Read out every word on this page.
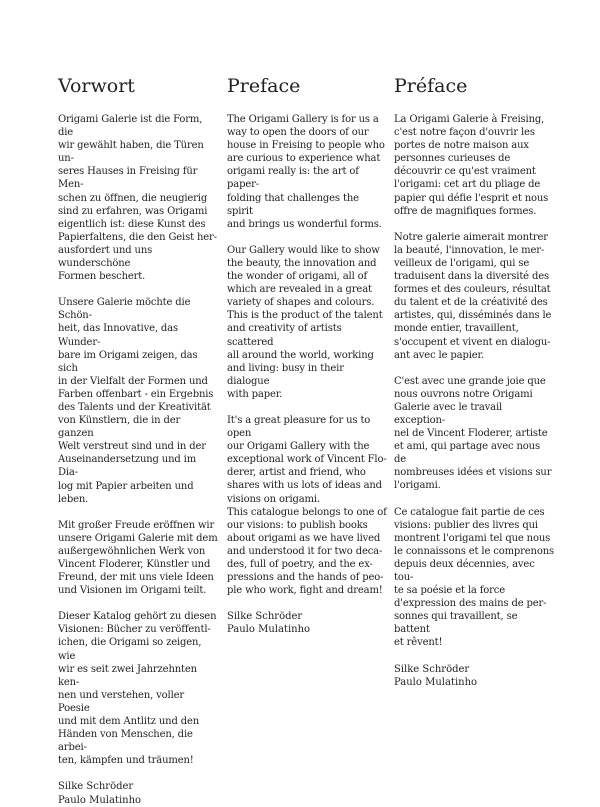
Vorwort

Origami Galerie ist die Form, die
wir gewählt haben, die Türen un-
seres Hauses in Freising für Men-
schen zu öffnen, die neugierig
sind zu erfahren, was Origami
eigentlich ist: diese Kunst des
Papierfaltens, die den Geist her-
ausfordert und uns wunderschöne
Formen beschert.

Unsere Galerie möchte die Schön-
heit, das Innovative, das Wunder-
bare im Origami zeigen, das sich
in der Vielfalt der Formen und
Farben offenbart - ein Ergebnis
des Talents und der Kreativität
von Künstlern, die in der ganzen
Welt verstreut sind und in der
Auseinandersetzung und im Dia-
log mit Papier arbeiten und leben.

Mit großer Freude eröffnen wir
unsere Origami Galerie mit dem
außergewöhnlichen Werk von
Vincent Floderer, Künstler und
Freund, der mit uns viele Ideen
und Visionen im Origami teilt.

Dieser Katalog gehört zu diesen
Visionen: Bücher zu veröffentl-
ichen, die Origami so zeigen, wie
wir es seit zwei Jahrzehnten ken-
nen und verstehen, voller Poesie
und mit dem Antlitz und den
Händen von Menschen, die arbei-
ten, kämpfen und träumen!

Silke Schröder
Paulo Mulatinho

Preface

The Origami Gallery is for us a
way to open the doors of our
house in Freising to people who
are curious to experience what
origami really is: the art of paper-
folding that challenges the spirit
and brings us wonderful forms.

Our Gallery would like to show
the beauty, the innovation and
the wonder of origami, all of
which are revealed in a great
variety of shapes and colours.
This is the product of the talent
and creativity of artists scattered
all around the world, working
and living: busy in their dialogue
with paper.

It's a great pleasure for us to open
our Origami Gallery with the
exceptional work of Vincent Flo-
derer, artist and friend, who
shares with us lots of ideas and
visions on origami.
This catalogue belongs to one of
our visions: to publish books
about origami as we have lived
and understood it for two deca-
des, full of poetry, and the ex-
pressions and the hands of peo-
ple who work, fight and dream!

Silke Schröder
Paulo Mulatinho

Préface

La Origami Galerie à Freising,
c'est notre façon d'ouvrir les
portes de notre maison aux
personnes curieuses de
découvrir ce qu'est vraiment
l'origami: cet art du pliage de
papier qui défie l'esprit et nous
offre de magnifiques formes.

Notre galerie aimerait montrer
la beauté, l'innovation, le mer-
veilleux de l'origami, qui se
traduisent dans la diversité des
formes et des couleurs, résultat
du talent et de la créativité des
artistes, qui, disséminés dans le
monde entier, travaillent,
s'occupent et vivent en dialogu-
ant avec le papier.

C'est avec une grande joie que
nous ouvrons notre Origami
Galerie avec le travail exception-
nel de Vincent Floderer, artiste
et ami, qui partage avec nous de
nombreuses idées et visions sur
l'origami.

Ce catalogue fait partie de ces
visions: publier des livres qui
montrent l'origami tel que nous
le connaissons et le comprenons
depuis deux décennies, avec tou-
te sa poésie et la force
d'expression des mains de per-
sonnes qui travaillent, se battent
et rêvent!

Silke Schröder
Paulo Mulatinho
